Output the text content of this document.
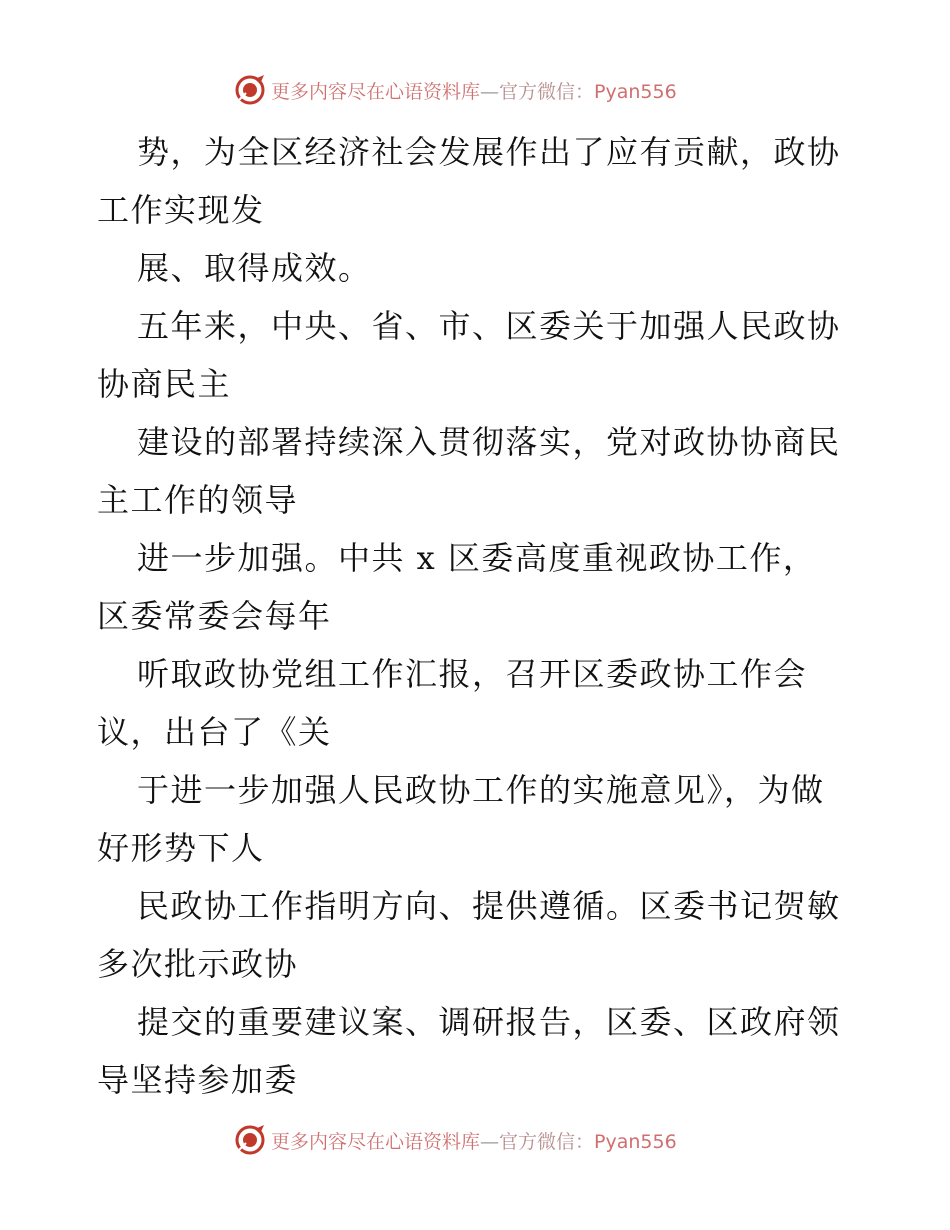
更多内容尽在心语资料库—官方微信：Pyan556
势，为全区经济社会发展作出了应有贡献，政协
工作实现发
展、取得成效。
五年来，中央、省、市、区委关于加强人民政协
协商民主
建设的部署持续深入贯彻落实，党对政协协商民
主工作的领导
进一步加强。中共 x 区委高度重视政协工作，
区委常委会每年
听取政协党组工作汇报，召开区委政协工作会
议，出台了《关
于进一步加强人民政协工作的实施意见》，为做
好形势下人
民政协工作指明方向、提供遵循。区委书记贺敏
多次批示政协
提交的重要建议案、调研报告，区委、区政府领
导坚持参加委
更多内容尽在心语资料库—官方微信：Pyan556
